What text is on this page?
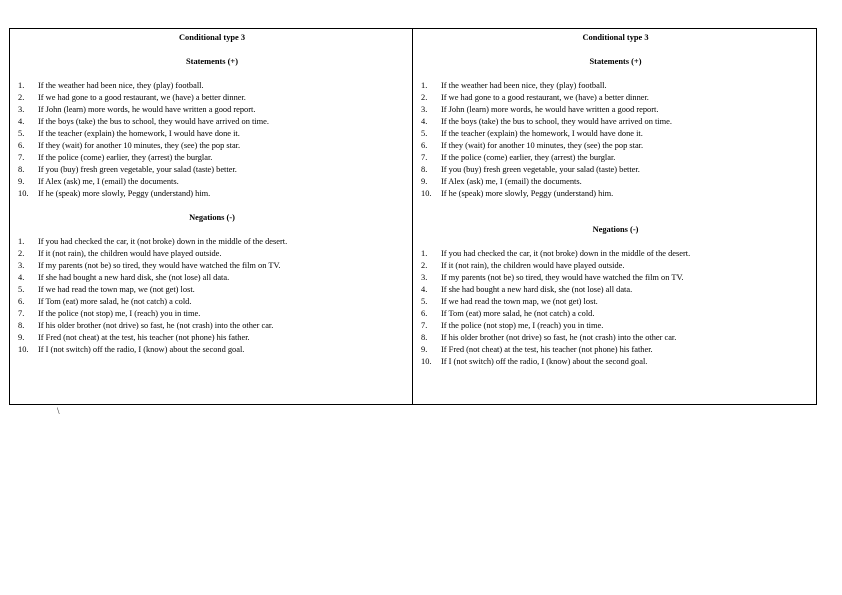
Conditional type 3
Statements (+)
1.	If the weather had been nice, they (play) football.
2.	If we had gone to a good restaurant, we (have) a better dinner.
3.	If John (learn) more words, he would have written a good report.
4.	If the boys (take) the bus to school, they would have arrived on time.
5.	If the teacher (explain) the homework, I would have done it.
6.	If they (wait) for another 10 minutes, they (see) the pop star.
7.	If the police (come) earlier, they (arrest) the burglar.
8.	If you (buy) fresh green vegetable, your salad (taste) better.
9.	If Alex (ask) me, I (email) the documents.
10.	If he (speak) more slowly, Peggy (understand) him.
Negations (-)
1.	If you had checked the car, it (not broke) down in the middle of the desert.
2.	If it (not rain), the children would have played outside.
3.	If my parents (not be) so tired, they would have watched the film on TV.
4.	If she had bought a new hard disk, she (not lose) all data.
5.	If we had read the town map, we (not get) lost.
6.	If Tom (eat) more salad, he (not catch) a cold.
7.	If the police (not stop) me, I (reach) you in time.
8.	If his older brother (not drive) so fast, he (not crash) into the other car.
9.	If Fred (not cheat) at the test, his teacher (not phone) his father.
10.	If I (not switch) off the radio, I (know) about the second goal.
Conditional type 3
Statements (+)
1.	If the weather had been nice, they (play) football.
2.	If we had gone to a good restaurant, we (have) a better dinner.
3.	If John (learn) more words, he would have written a good report.
4.	If the boys (take) the bus to school, they would have arrived on time.
5.	If the teacher (explain) the homework, I would have done it.
6.	If they (wait) for another 10 minutes, they (see) the pop star.
7.	If the police (come) earlier, they (arrest) the burglar.
8.	If you (buy) fresh green vegetable, your salad (taste) better.
9.	If Alex (ask) me, I (email) the documents.
10.	If he (speak) more slowly, Peggy (understand) him.
Negations (-)
1.	If you had checked the car, it (not broke) down in the middle of the desert.
2.	If it (not rain), the children would have played outside.
3.	If my parents (not be) so tired, they would have watched the film on TV.
4.	If she had bought a new hard disk, she (not lose) all data.
5.	If we had read the town map, we (not get) lost.
6.	If Tom (eat) more salad, he (not catch) a cold.
7.	If the police (not stop) me, I (reach) you in time.
8.	If his older brother (not drive) so fast, he (not crash) into the other car.
9.	If Fred (not cheat) at the test, his teacher (not phone) his father.
10.	If I (not switch) off the radio, I (know) about the second goal.
\
